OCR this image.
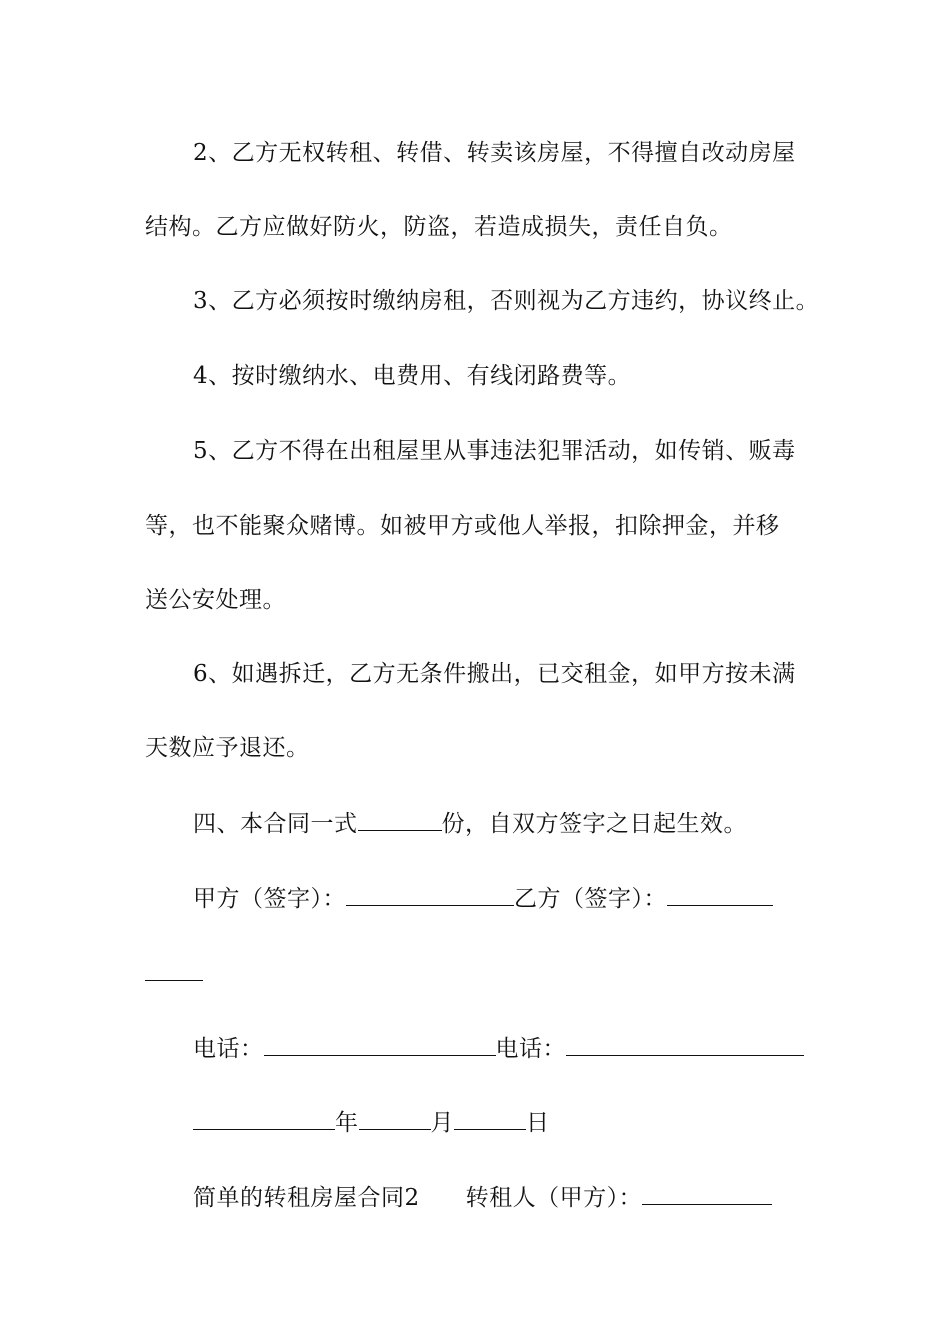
2、乙方无权转租、转借、转卖该房屋，不得擅自改动房屋
结构。乙方应做好防火，防盗，若造成损失，责任自负。
3、乙方必须按时缴纳房租，否则视为乙方违约，协议终止。
4、按时缴纳水、电费用、有线闭路费等。
5、乙方不得在出租屋里从事违法犯罪活动，如传销、贩毒
等，也不能聚众赌博。如被甲方或他人举报，扣除押金，并移
送公安处理。
6、如遇拆迁，乙方无条件搬出，已交租金，如甲方按未满
天数应予退还。
四、本合同一式	份，自双方签字之日起生效。
甲方（签字）：	乙方（签字）：
电话：	电话：
年	月	日
简单的转租房屋合同2 转租人（甲方）：
